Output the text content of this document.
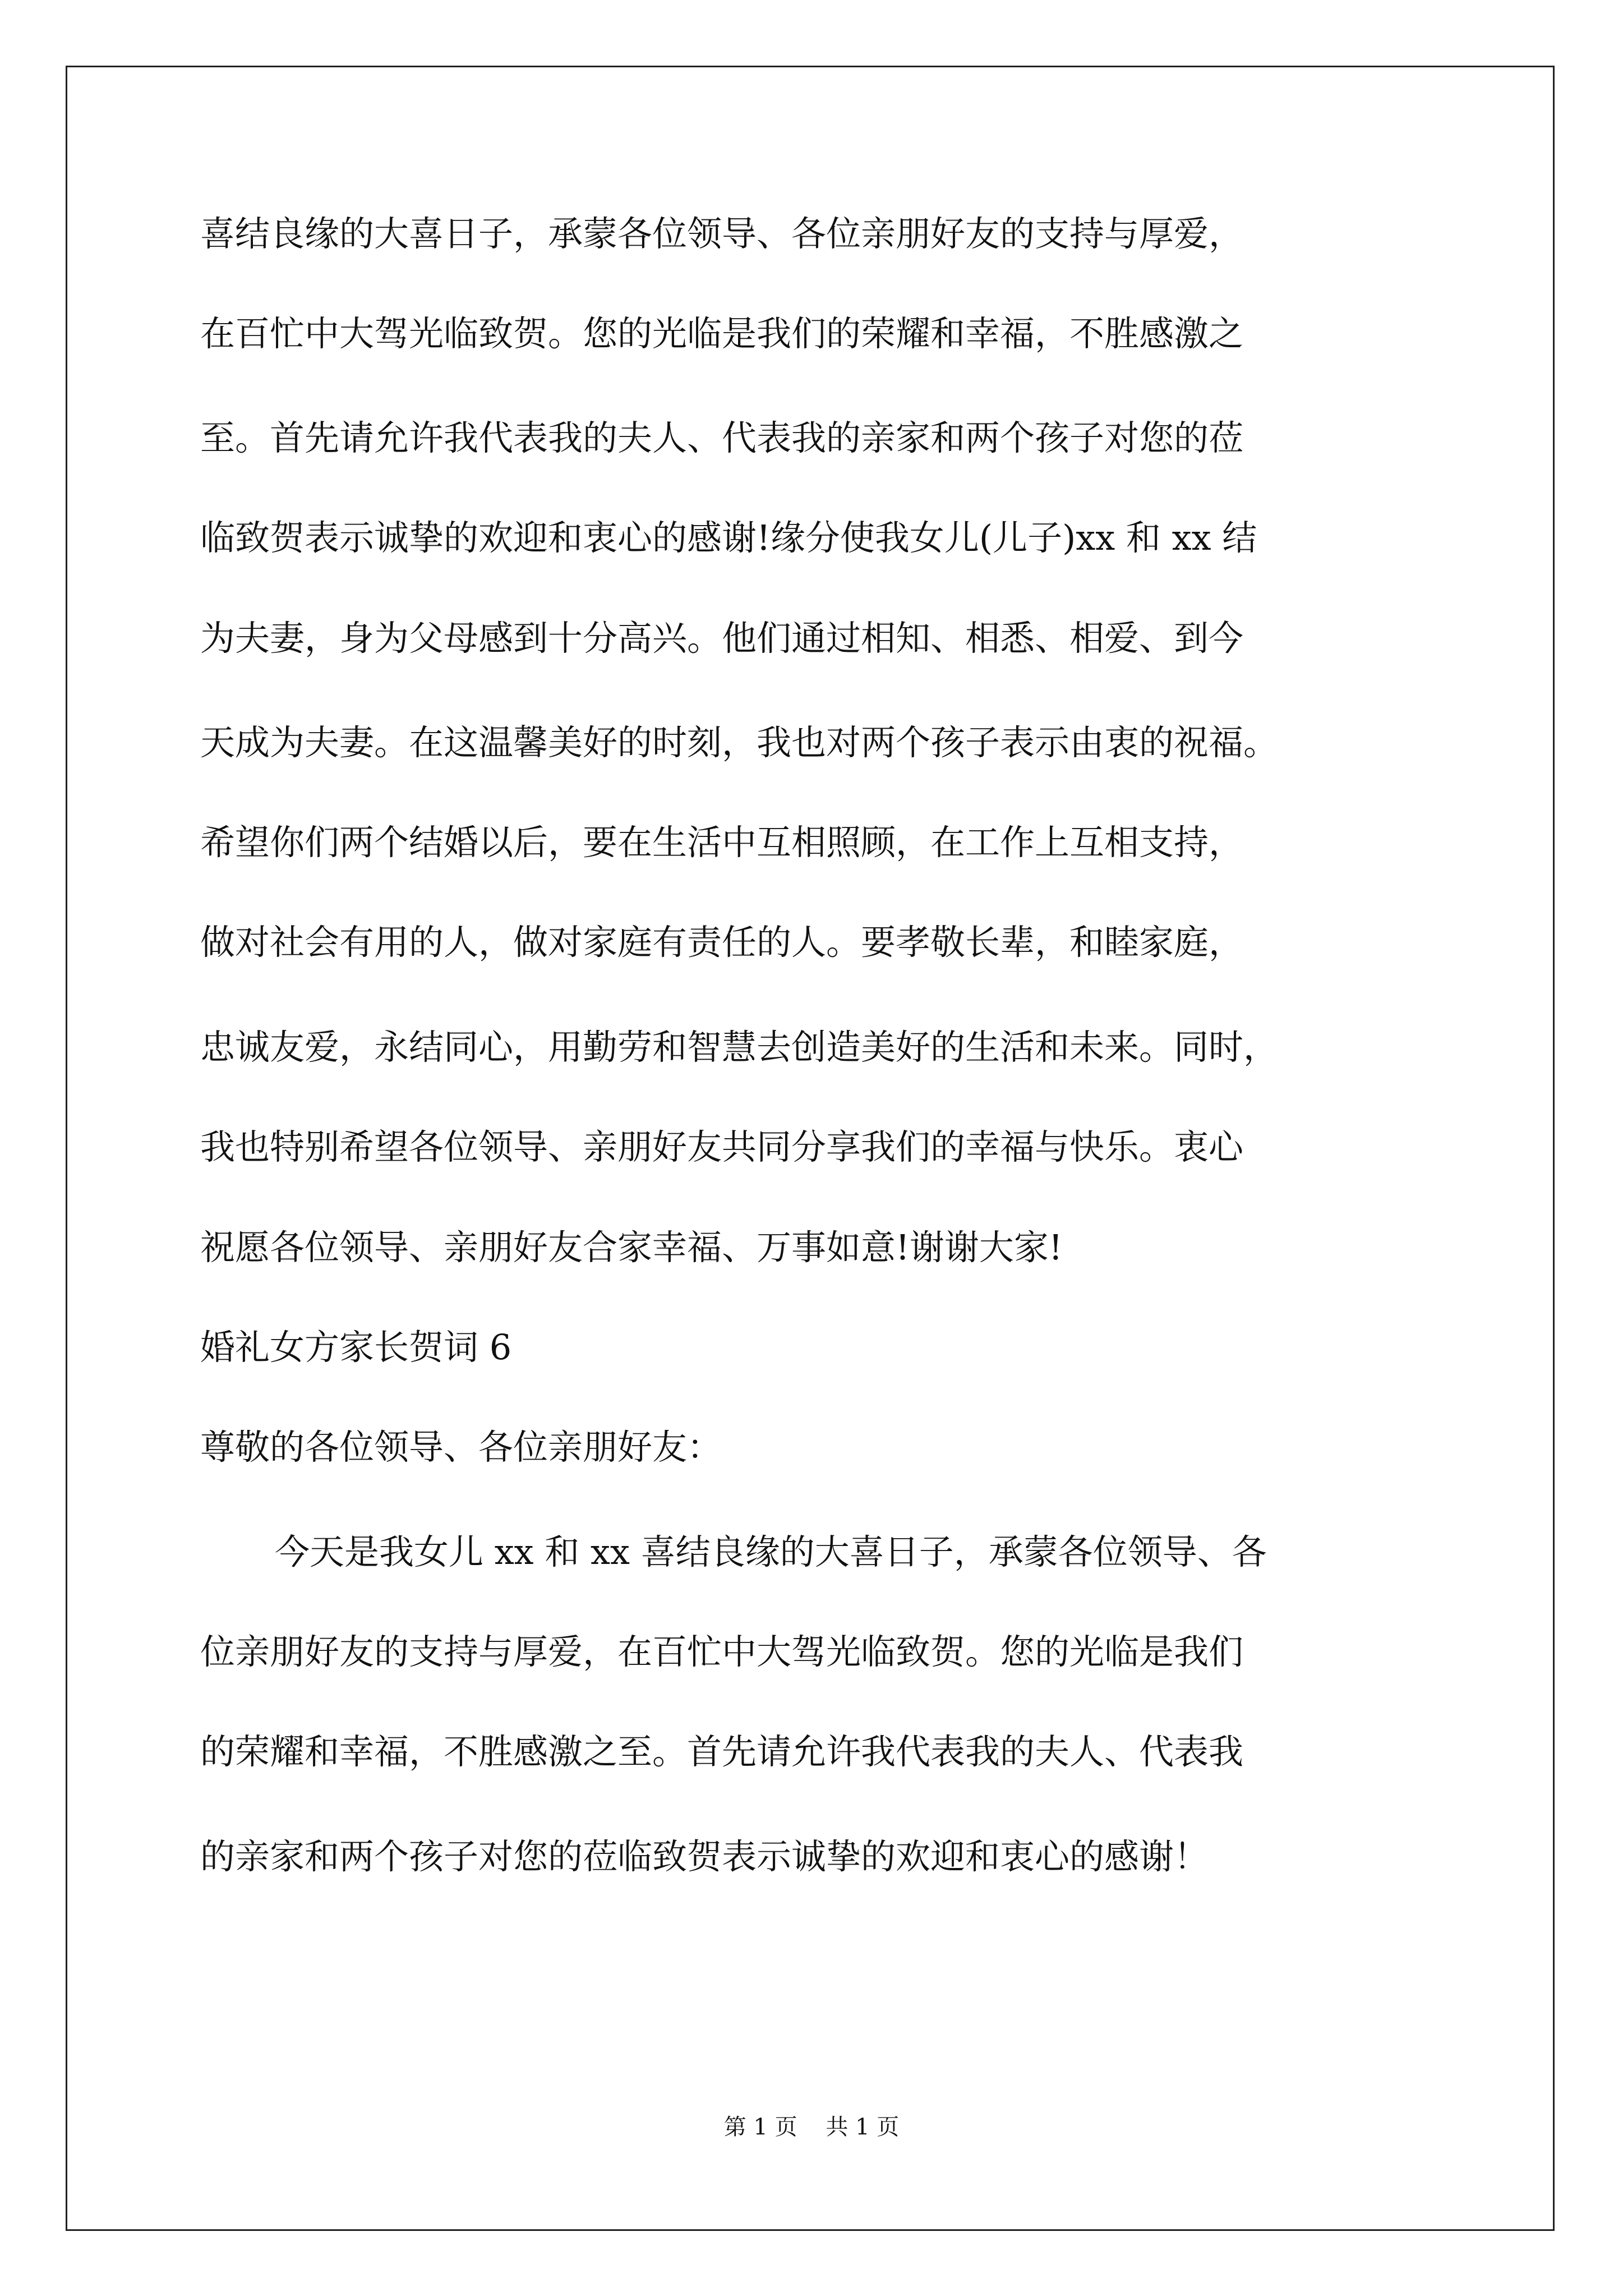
喜结良缘的大喜日子，承蒙各位领导、各位亲朋好友的支持与厚爱，
在百忙中大驾光临致贺。您的光临是我们的荣耀和幸福，不胜感激之
至。首先请允许我代表我的夫人、代表我的亲家和两个孩子对您的莅
临致贺表示诚挚的欢迎和衷心的感谢!缘分使我女儿(儿子)xx 和 xx 结
为夫妻，身为父母感到十分高兴。他们通过相知、相悉、相爱、到今
天成为夫妻。在这温馨美好的时刻，我也对两个孩子表示由衷的祝福。
希望你们两个结婚以后，要在生活中互相照顾，在工作上互相支持，
做对社会有用的人，做对家庭有责任的人。要孝敬长辈，和睦家庭，
忠诚友爱，永结同心，用勤劳和智慧去创造美好的生活和未来。同时，
我也特别希望各位领导、亲朋好友共同分享我们的幸福与快乐。衷心
祝愿各位领导、亲朋好友合家幸福、万事如意!谢谢大家!
婚礼女方家长贺词 6
尊敬的各位领导、各位亲朋好友：
今天是我女儿 xx 和 xx 喜结良缘的大喜日子，承蒙各位领导、各
位亲朋好友的支持与厚爱，在百忙中大驾光临致贺。您的光临是我们
的荣耀和幸福，不胜感激之至。首先请允许我代表我的夫人、代表我
的亲家和两个孩子对您的莅临致贺表示诚挚的欢迎和衷心的感谢！
第 1 页    共 1 页
